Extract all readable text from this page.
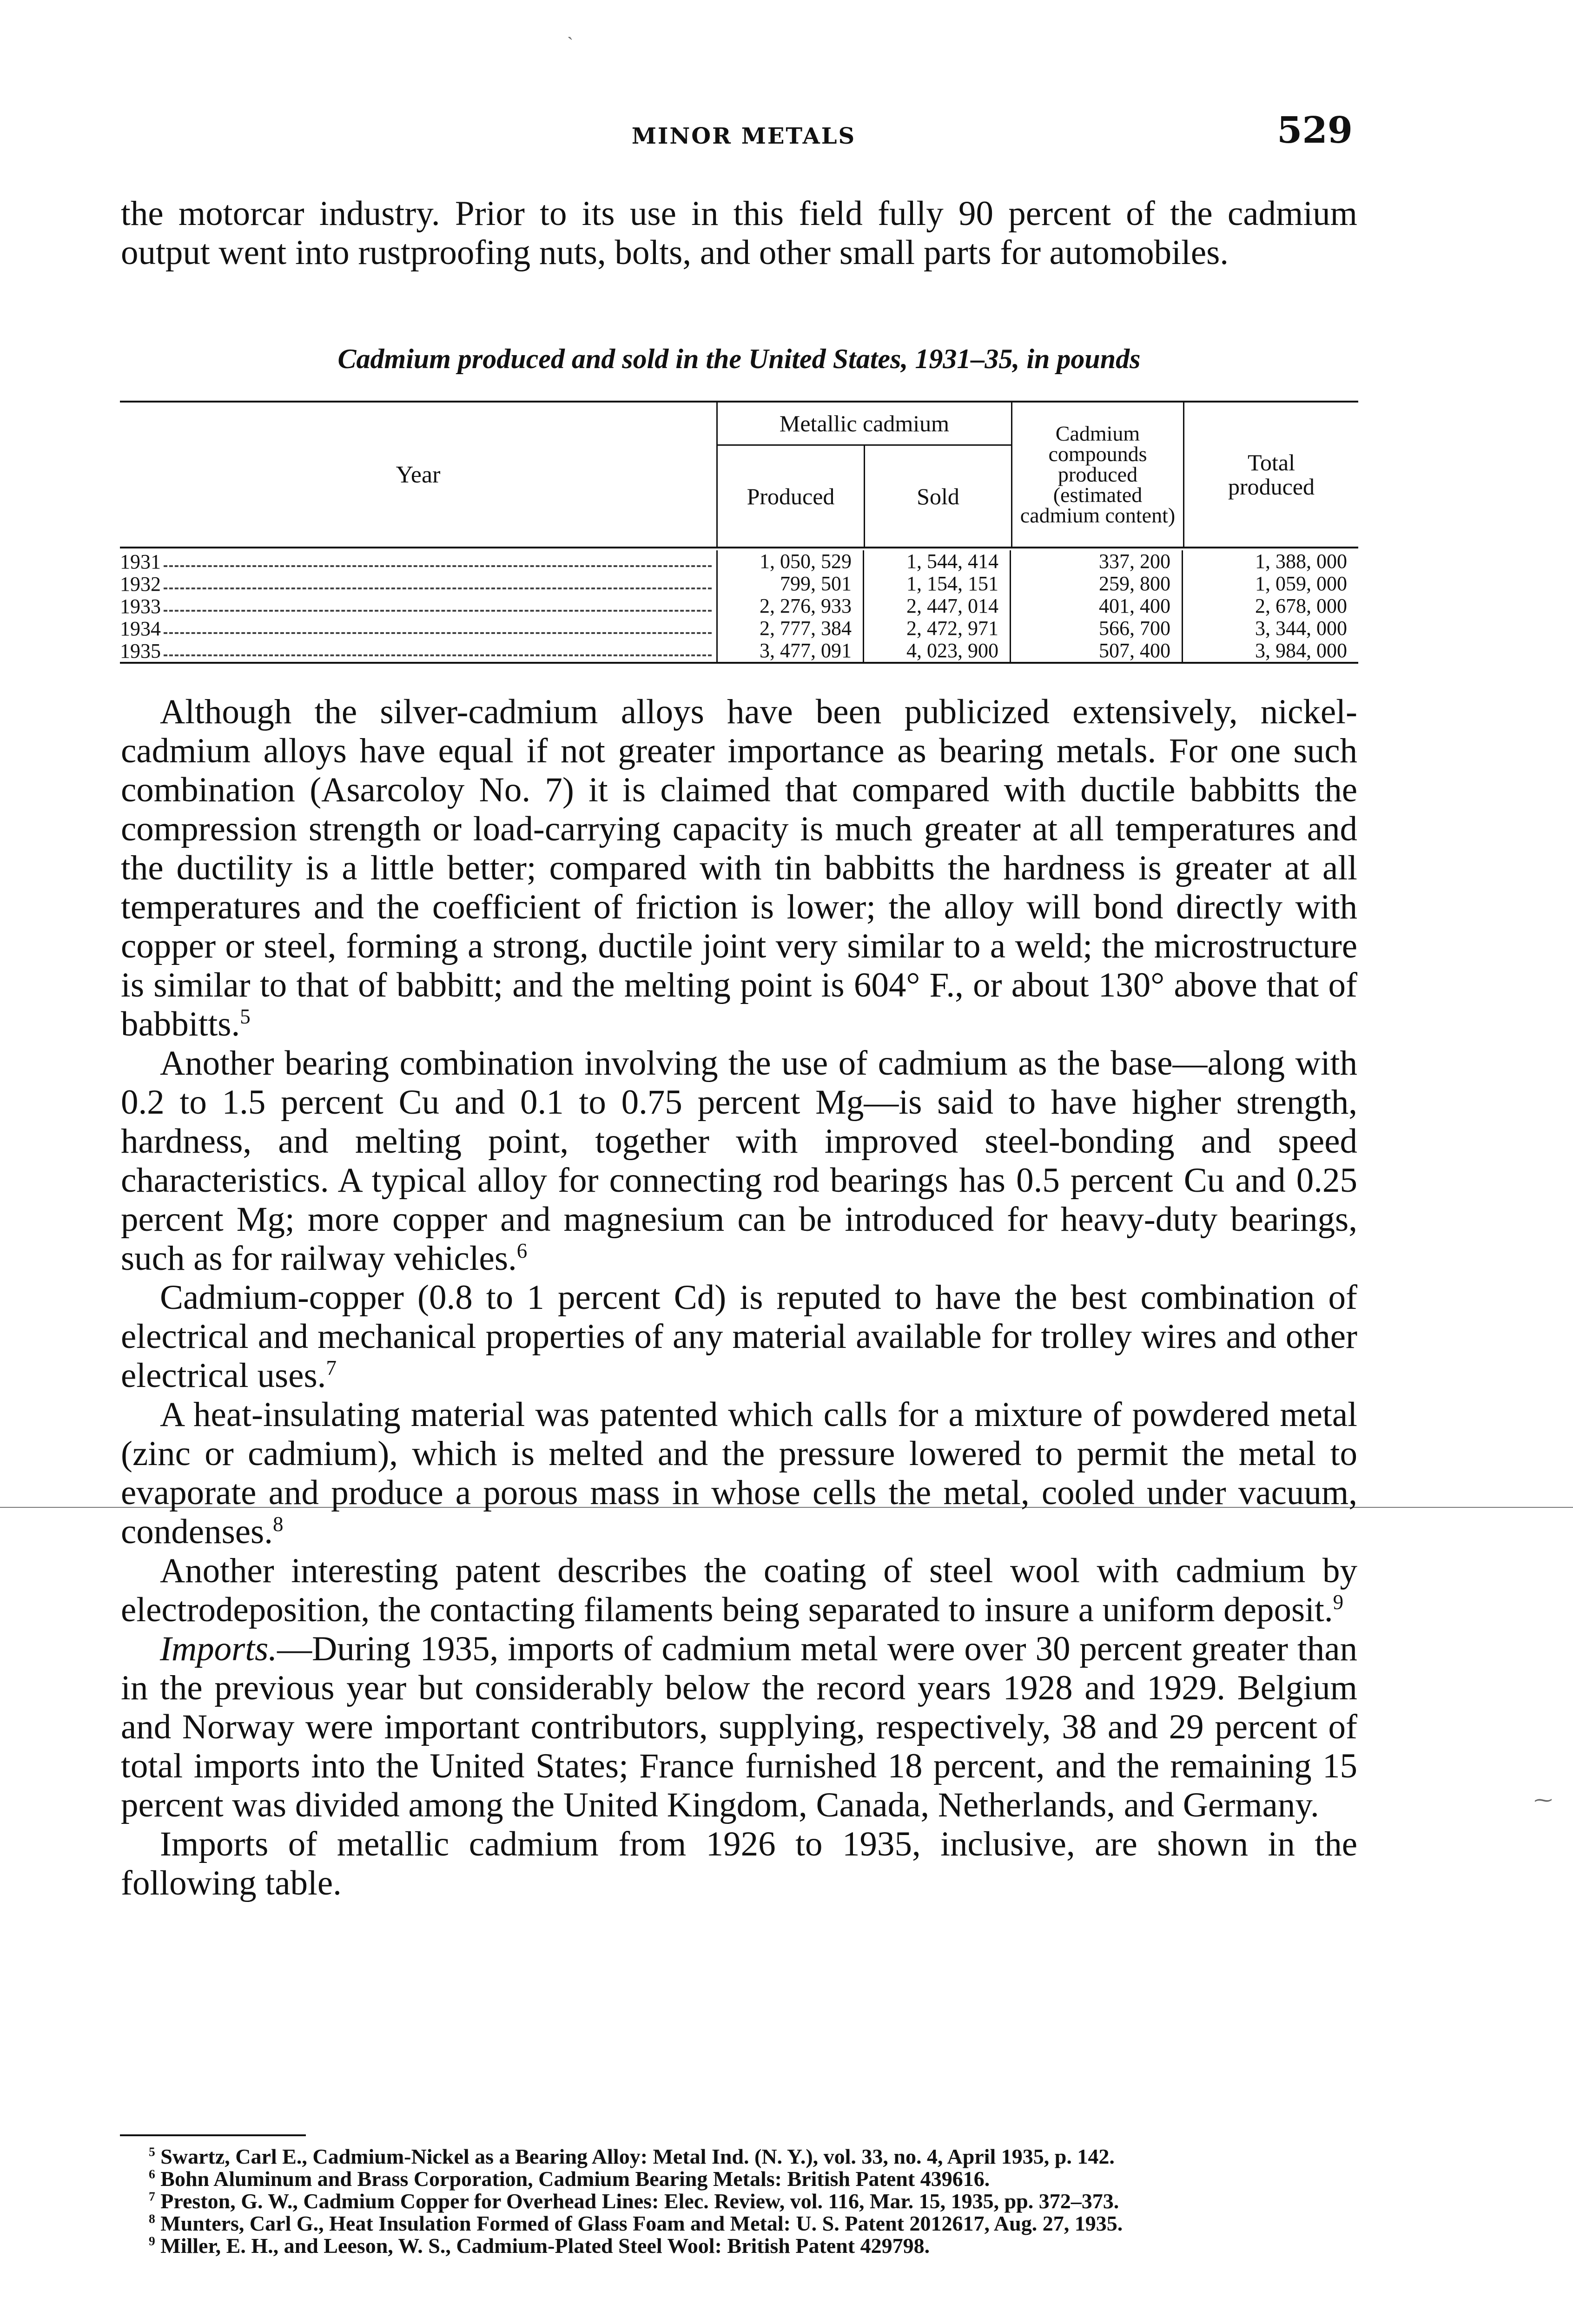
ˎ
⁓
MINOR METALS	529

the motorcar industry. Prior to its use in this field fully 90 percent of the cadmium output went into rustproofing nuts, bolts, and other small parts for automobiles.

Cadmium produced and sold in the United States, 1931–35, in pounds
Year
Metallic cadmium
Produced	Sold
Cadmium compounds produced (estimated cadmium content)
Total produced
1931	1, 050, 529	1, 544, 414	337, 200	1, 388, 000
1932	799, 501	1, 154, 151	259, 800	1, 059, 000
1933	2, 276, 933	2, 447, 014	401, 400	2, 678, 000
1934	2, 777, 384	2, 472, 971	566, 700	3, 344, 000
1935	3, 477, 091	4, 023, 900	507, 400	3, 984, 000

Although the silver-cadmium alloys have been publicized extensively, nickel-cadmium alloys have equal if not greater importance as bearing metals. For one such combination (Asarcoloy No. 7) it is claimed that compared with ductile babbitts the compression strength or load-carrying capacity is much greater at all temperatures and the ductility is a little better; compared with tin babbitts the hardness is greater at all temperatures and the coefficient of friction is lower; the alloy will bond directly with copper or steel, forming a strong, ductile joint very similar to a weld; the microstructure is similar to that of babbitt; and the melting point is 604° F., or about 130° above that of babbitts.$^5$

Another bearing combination involving the use of cadmium as the base—along with 0.2 to 1.5 percent Cu and 0.1 to 0.75 percent Mg—is said to have higher strength, hardness, and melting point, together with improved steel-bonding and speed characteristics. A typical alloy for connecting rod bearings has 0.5 percent Cu and 0.25 percent Mg; more copper and magnesium can be introduced for heavy-duty bearings, such as for railway vehicles.$^6$

Cadmium-copper (0.8 to 1 percent Cd) is reputed to have the best combination of electrical and mechanical properties of any material available for trolley wires and other electrical uses.$^7$

A heat-insulating material was patented which calls for a mixture of powdered metal (zinc or cadmium), which is melted and the pressure lowered to permit the metal to evaporate and produce a porous mass in whose cells the metal, cooled under vacuum, condenses.$^8$

Another interesting patent describes the coating of steel wool with cadmium by electrodeposition, the contacting filaments being separated to insure a uniform deposit.$^9$

Imports.—During 1935, imports of cadmium metal were over 30 percent greater than in the previous year but considerably below the record years 1928 and 1929. Belgium and Norway were important contributors, supplying, respectively, 38 and 29 percent of total imports into the United States; France furnished 18 percent, and the remaining 15 percent was divided among the United Kingdom, Canada, Netherlands, and Germany.

Imports of metallic cadmium from 1926 to 1935, inclusive, are shown in the following table.

$^5$ Swartz, Carl E., Cadmium-Nickel as a Bearing Alloy: Metal Ind. (N. Y.), vol. 33, no. 4, April 1935, p. 142.

$^6$ Bohn Aluminum and Brass Corporation, Cadmium Bearing Metals: British Patent 439616.

$^7$ Preston, G. W., Cadmium Copper for Overhead Lines: Elec. Review, vol. 116, Mar. 15, 1935, pp. 372–373.

$^8$ Munters, Carl G., Heat Insulation Formed of Glass Foam and Metal: U. S. Patent 2012617, Aug. 27, 1935.

$^9$ Miller, E. H., and Leeson, W. S., Cadmium-Plated Steel Wool: British Patent 429798.
